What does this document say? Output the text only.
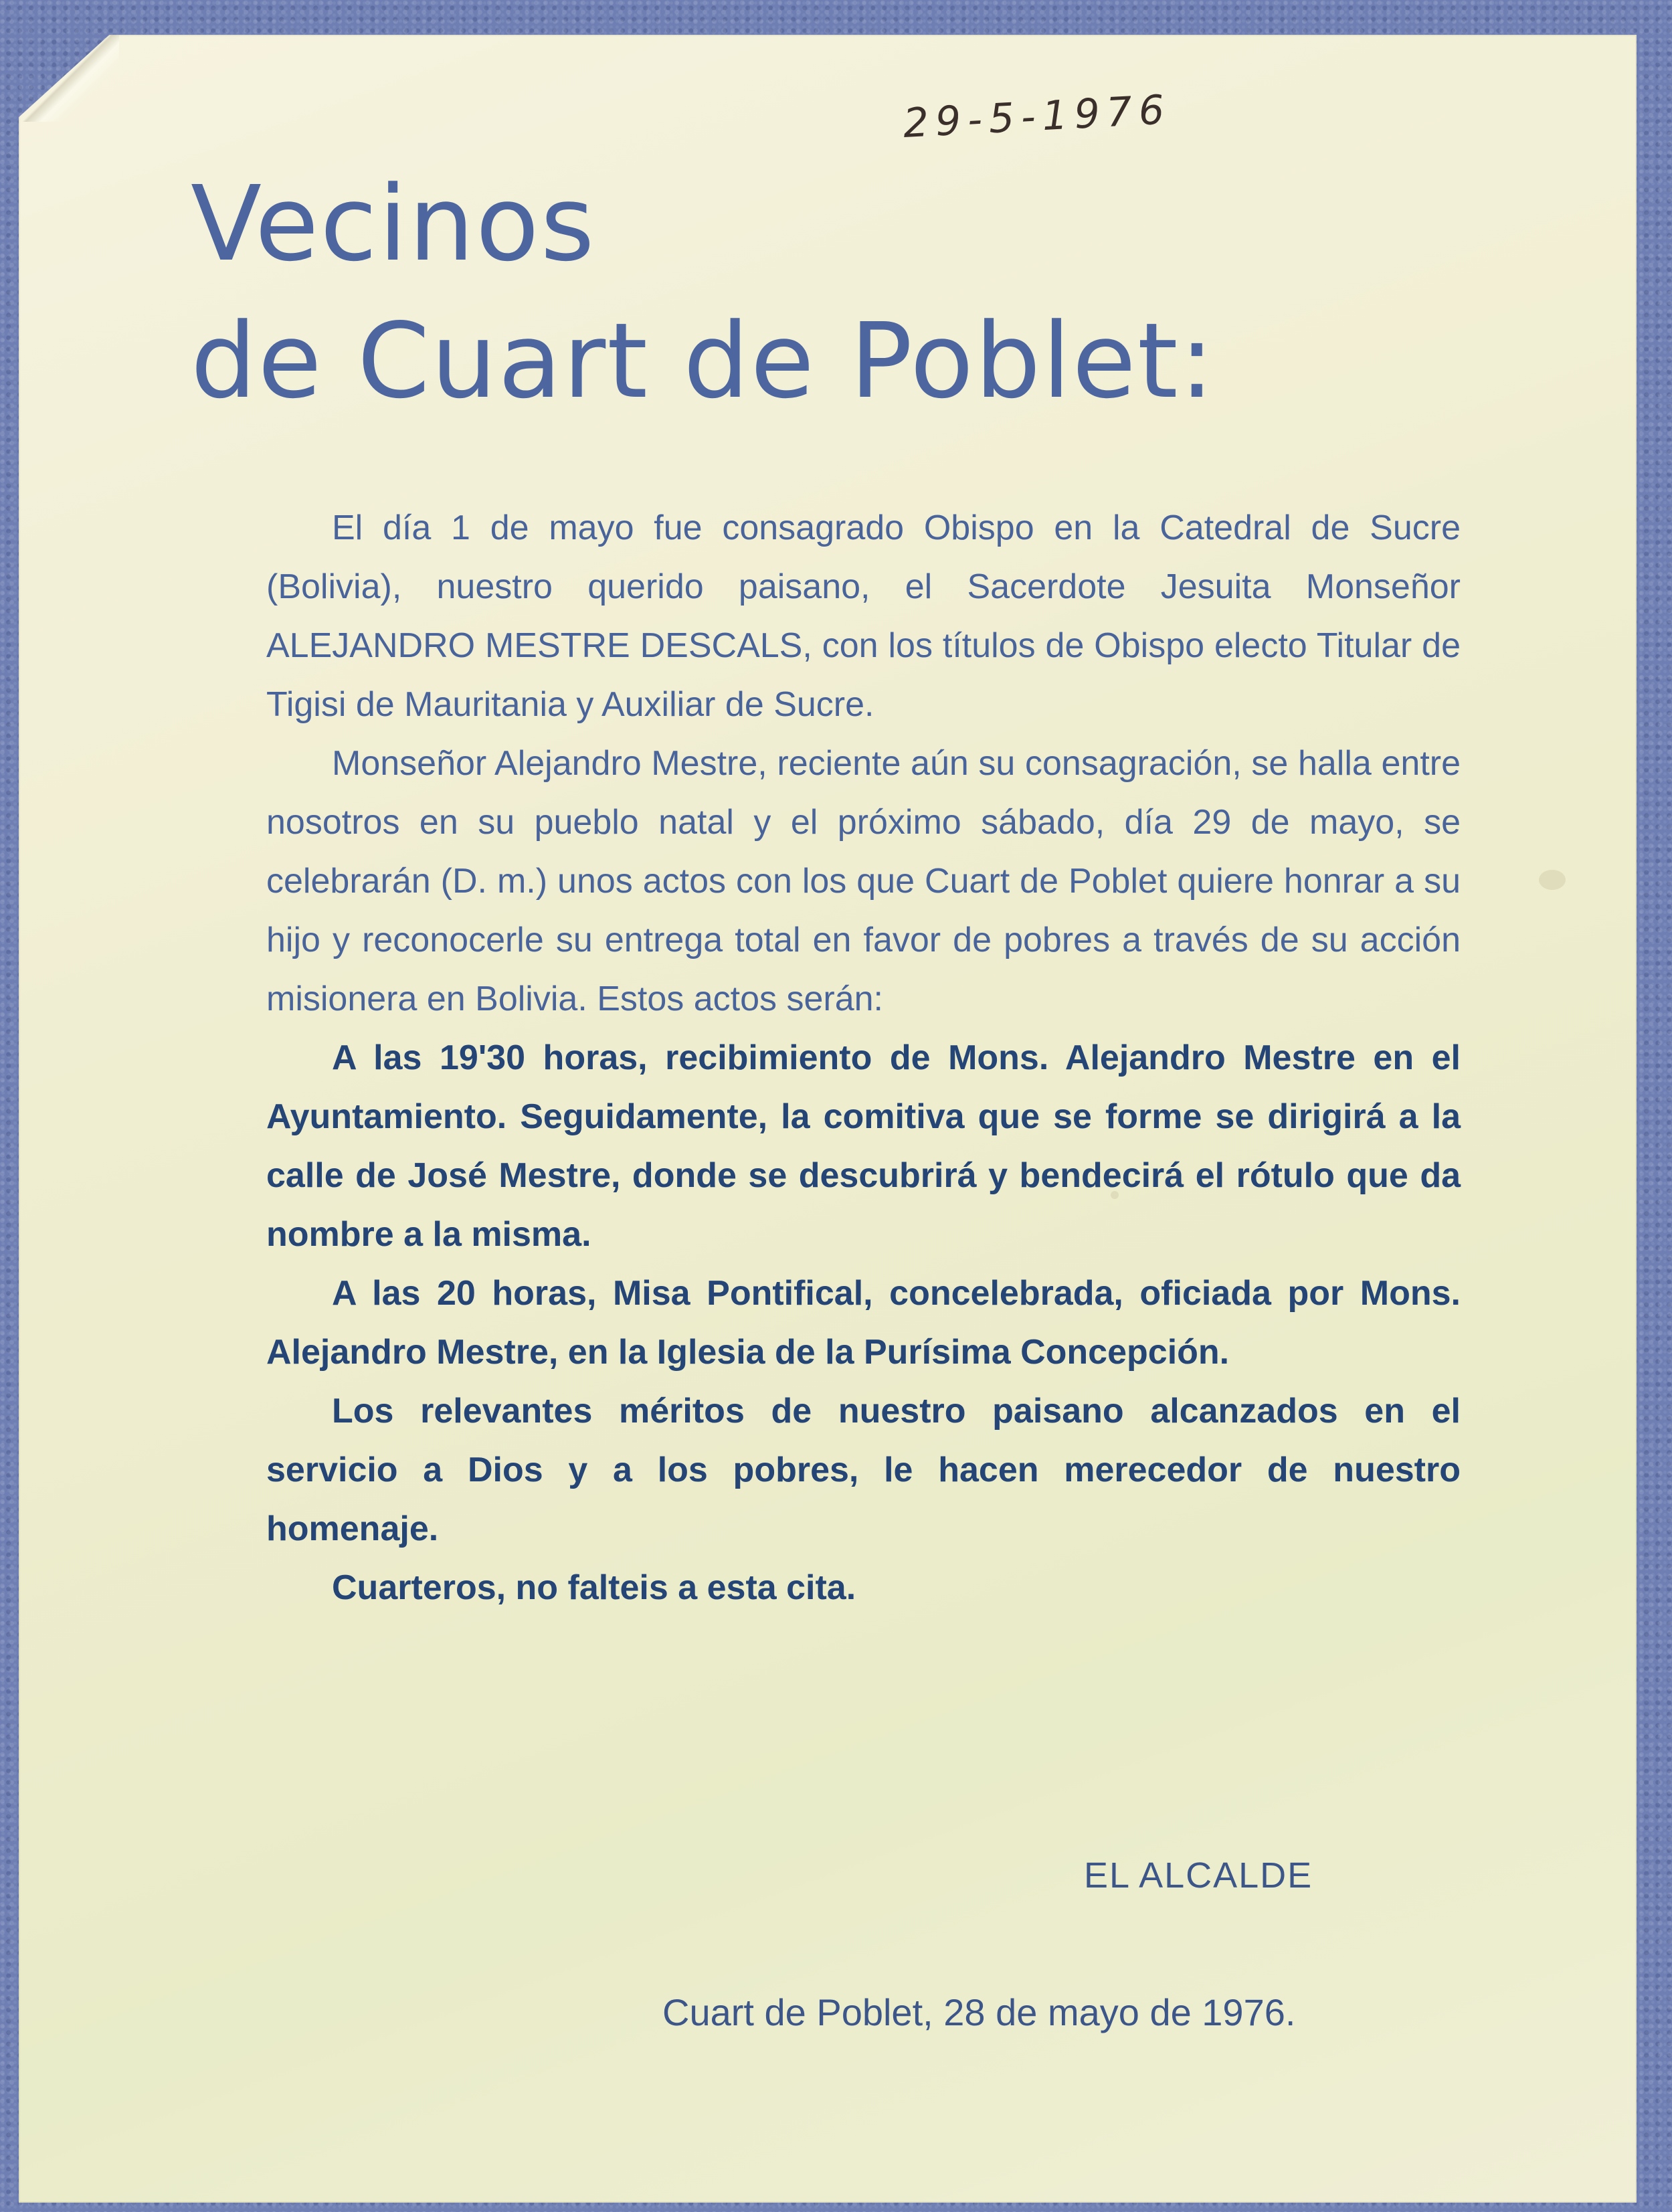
29-5-1976
Vecinos
de Cuart de Poblet:

El día 1 de mayo fue consagrado Obispo en la Catedral de Sucre (Bolivia), nuestro querido paisano, el Sacerdote Jesuita Monseñor ALEJANDRO MESTRE DESCALS, con los títulos de Obispo electo Titular de Tigisi de Mauritania y Auxiliar de Sucre.

Monseñor Alejandro Mestre, reciente aún su consagración, se halla entre nosotros en su pueblo natal y el próximo sábado, día 29 de mayo, se celebrarán (D. m.) unos actos con los que Cuart de Poblet quiere honrar a su hijo y reconocerle su entrega total en favor de pobres a través de su acción misionera en Bolivia. Estos actos serán:

A las 19'30 horas, recibimiento de Mons. Alejandro Mestre en el Ayuntamiento. Seguidamente, la comitiva que se forme se dirigirá a la calle de José Mestre, donde se descubrirá y bendecirá el rótulo que da nombre a la misma.

A las 20 horas, Misa Pontifical, concelebrada, oficiada por Mons. Alejandro Mestre, en la Iglesia de la Purísima Concepción.

Los relevantes méritos de nuestro paisano alcanzados en el servicio a Dios y a los pobres, le hacen merecedor de nuestro homenaje.

Cuarteros, no falteis a esta cita.

EL ALCALDE
Cuart de Poblet, 28 de mayo de 1976.
